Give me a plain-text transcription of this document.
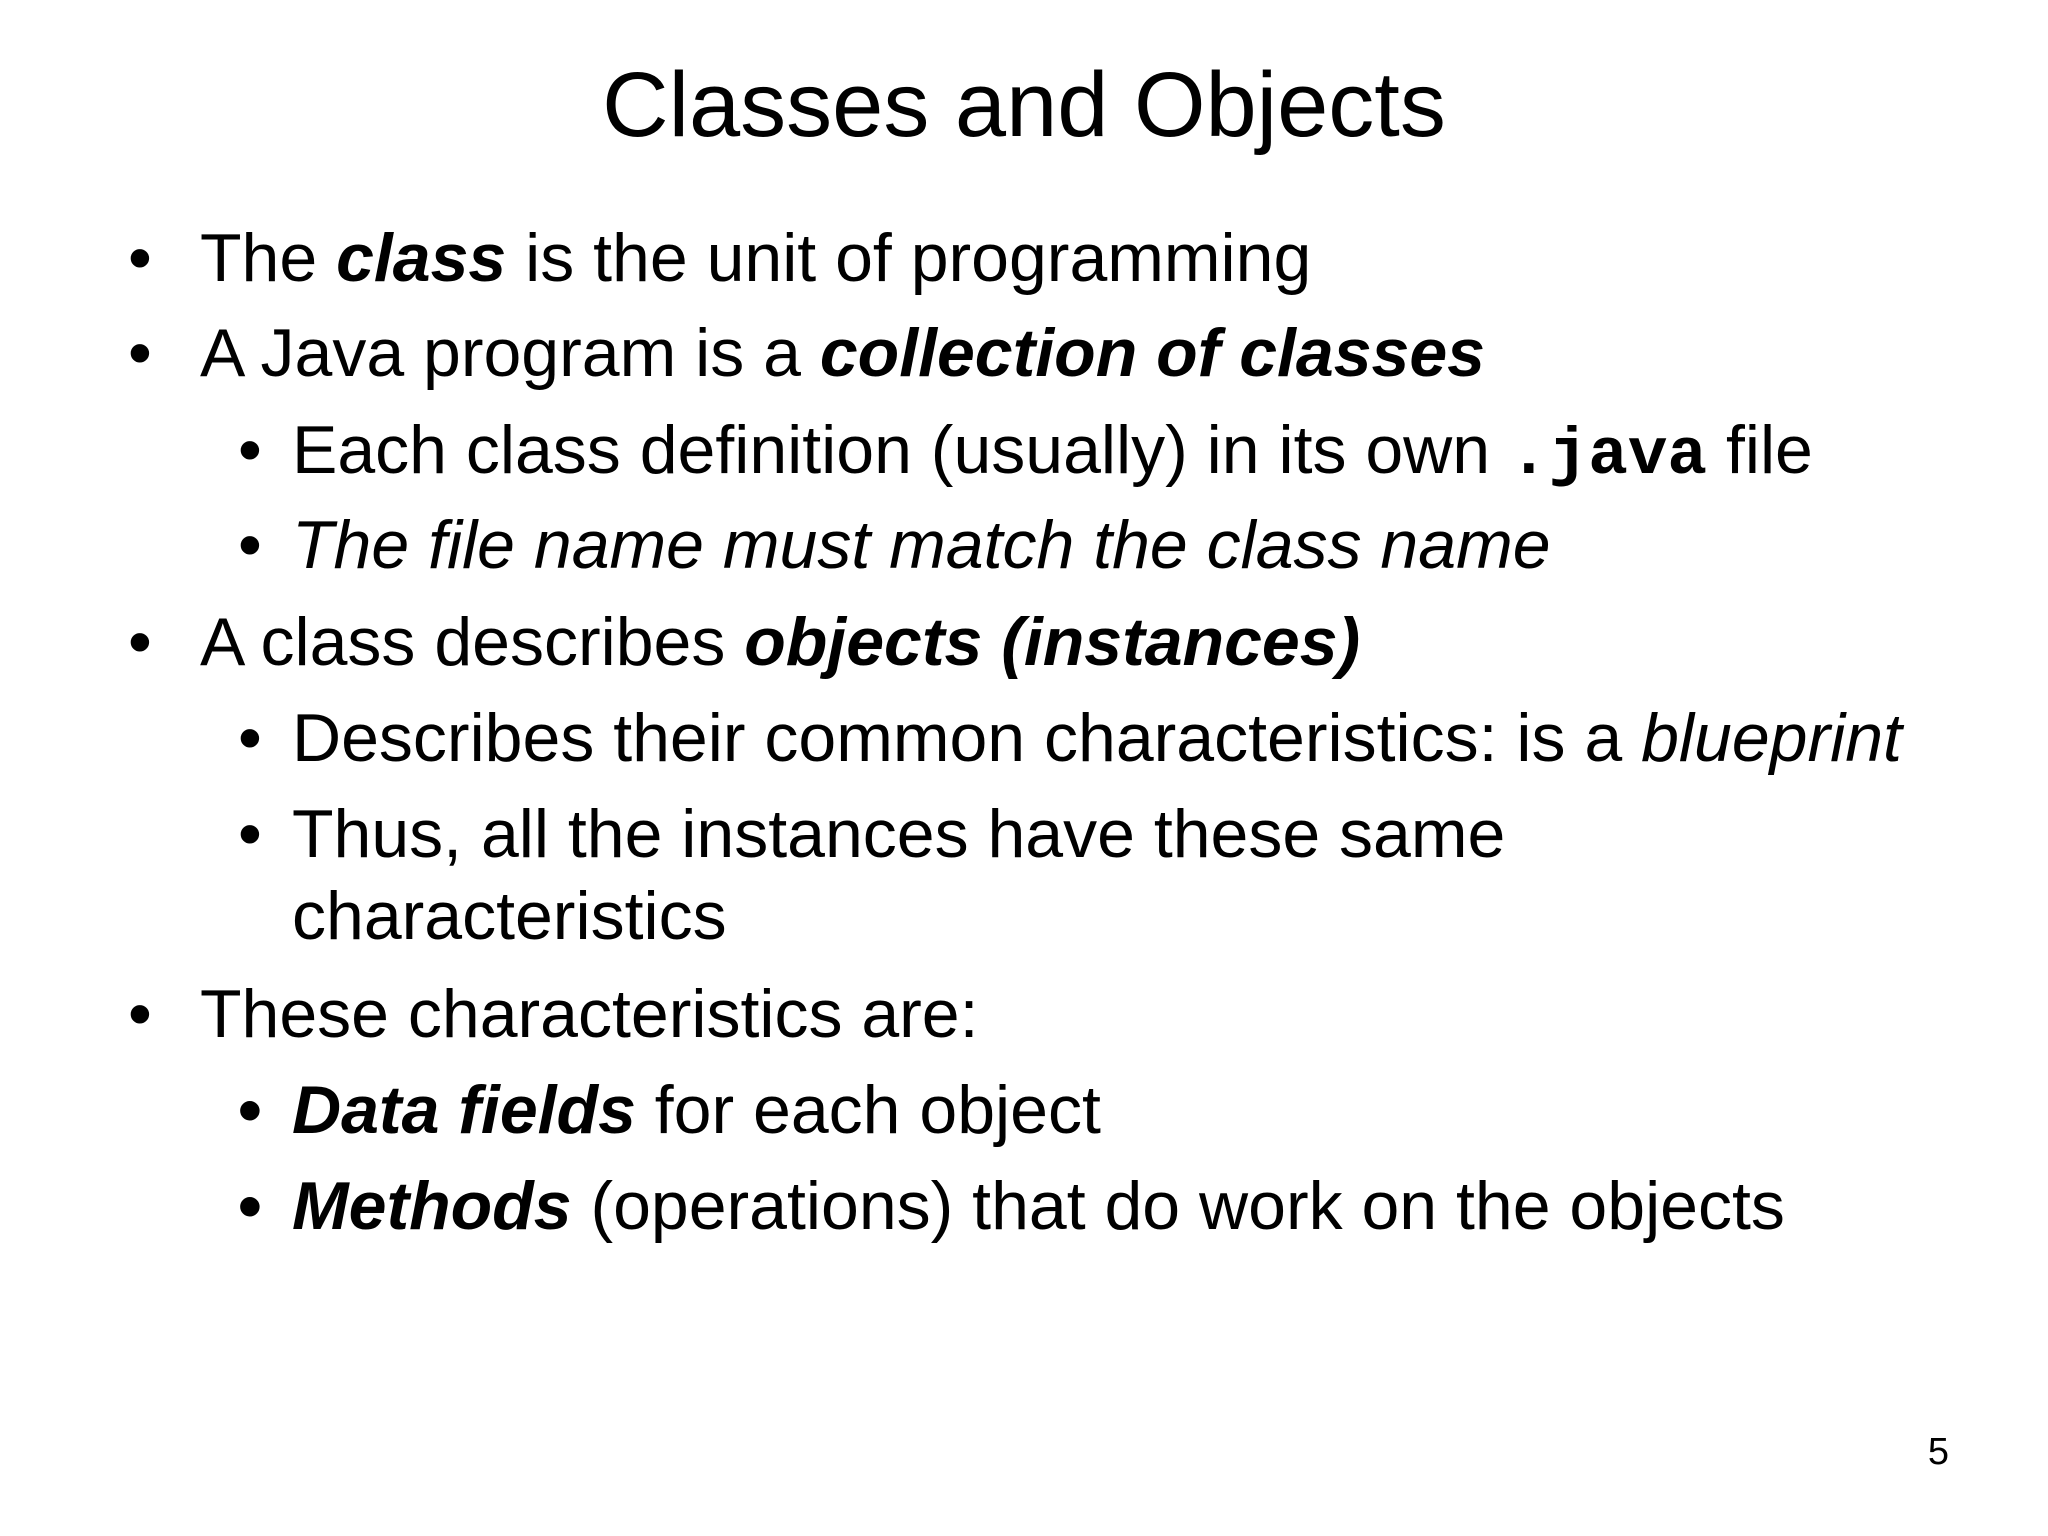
Classes and Objects
• The class is the unit of programming
• A Java program is a collection of classes
• Each class definition (usually) in its own .java file
• The file name must match the class name
• A class describes objects (instances)
• Describes their common characteristics: is a blueprint
• Thus, all the instances have these same
characteristics
• These characteristics are:
• Data fields for each object
• Methods (operations) that do work on the objects
5
